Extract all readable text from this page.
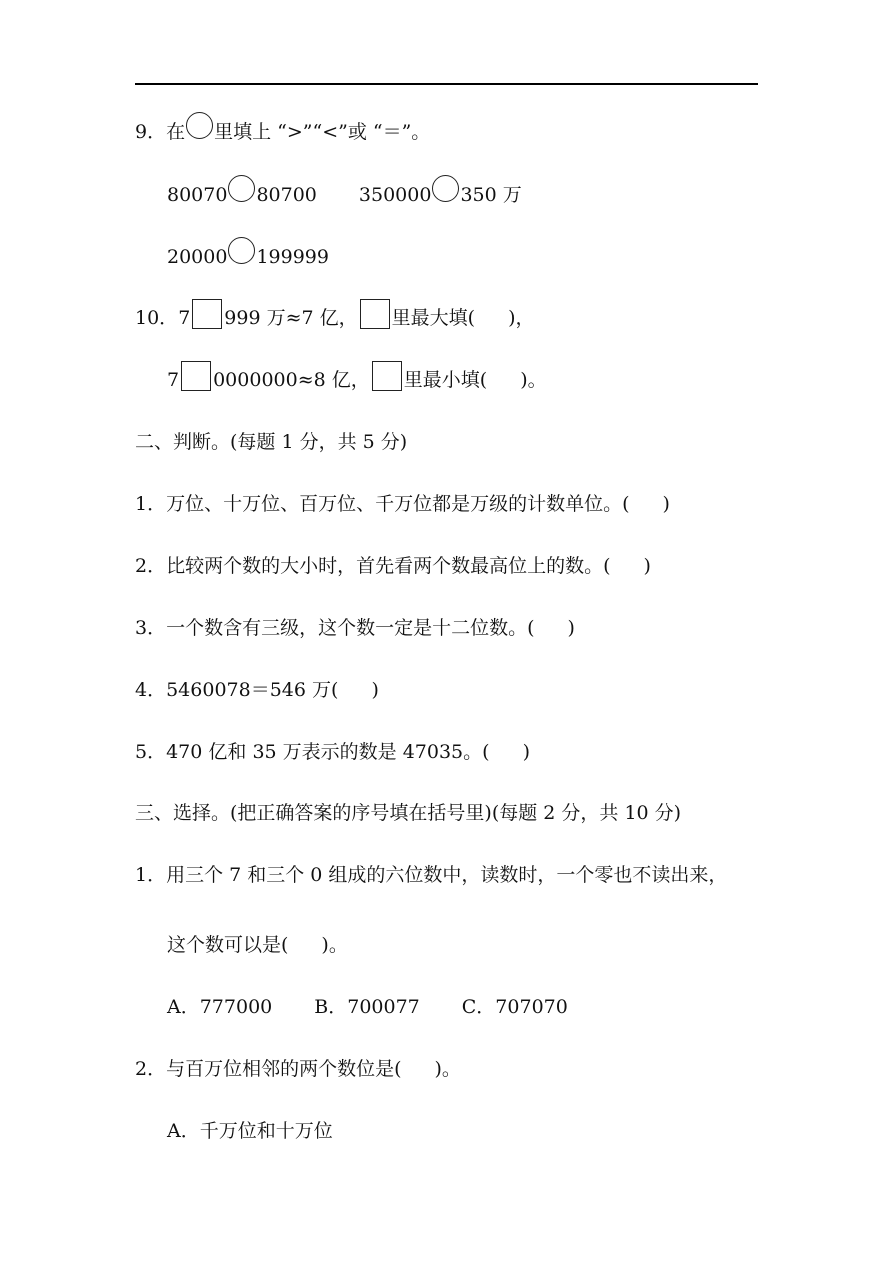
9． 在 里填上 “>”“<”或 “＝”。
80070 80700 350000 350 万
20000 199999
10． 7 999 万≈7 亿， 里最大填( )，
7 0000000≈8 亿， 里最小填( )。
二、判断。(每题 1 分，共 5 分)
1． 万位、十万位、百万位、千万位都是万级的计数单位。( )
2． 比较两个数的大小时，首先看两个数最高位上的数。( )
3． 一个数含有三级，这个数一定是十二位数。( )
4． 5460078＝546 万( )
5． 470 亿和 35 万表示的数是 47035。( )
三、选择。(把正确答案的序号填在括号里)(每题 2 分，共 10 分)
1． 用三个 7 和三个 0 组成的六位数中，读数时，一个零也不读出来，
这个数可以是( )。
A．777000 B．700077 C．707070
2． 与百万位相邻的两个数位是( )。
A．千万位和十万位
